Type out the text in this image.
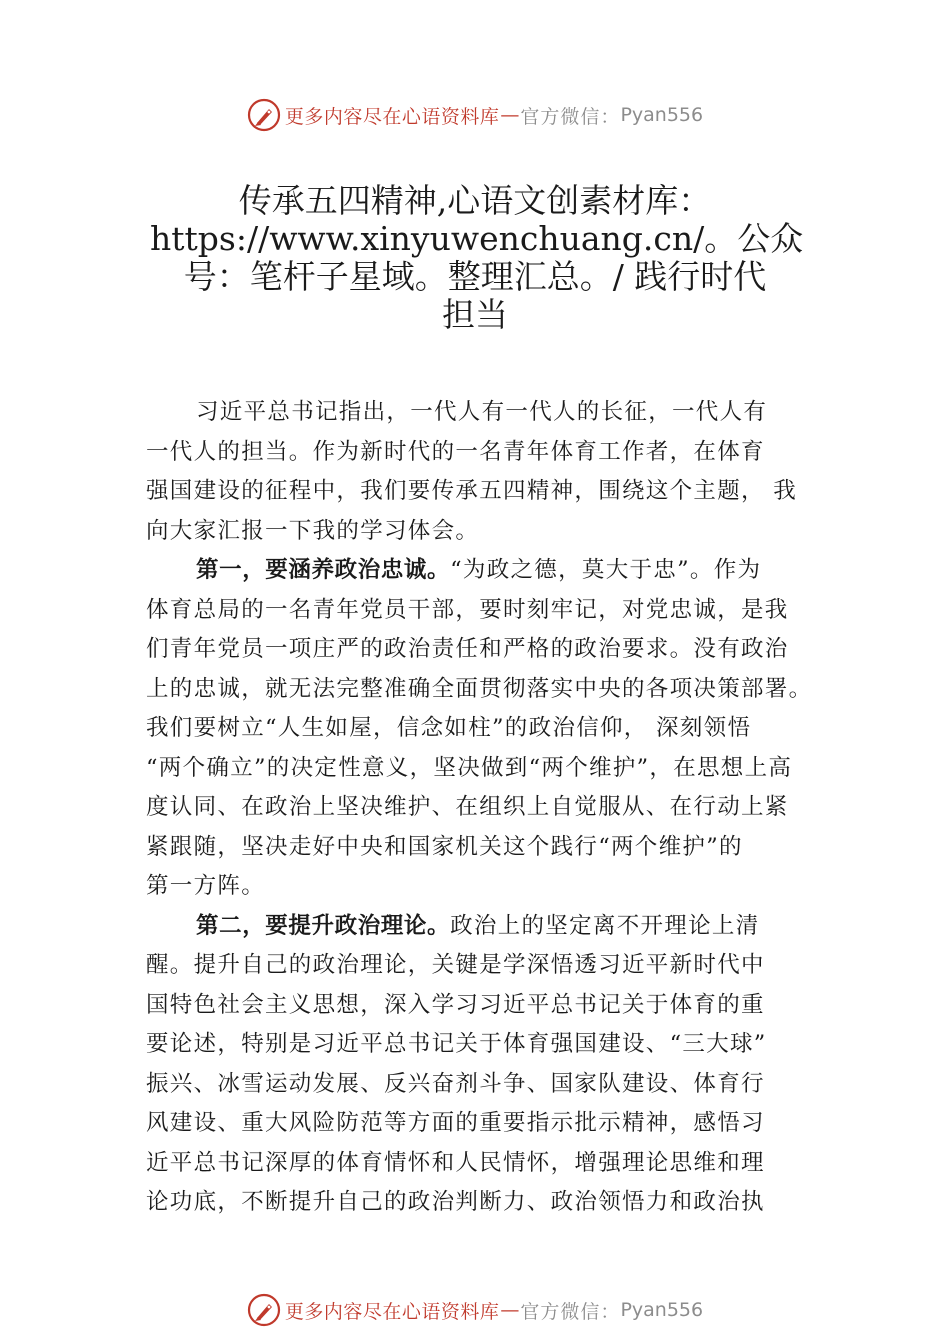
更多内容尽在心语资料库 — 官方微信： Pyan556
传承五四精神,心语文创素材库：
https://www.xinyuwenchuang.cn/。公众
号：笔杆子星域。整理汇总。/ 践行时代
担当
习近平总书记指出，一代人有一代人的长征，一代人有
一代人的担当。作为新时代的一名青年体育工作者，在体育
强国建设的征程中，我们要传承五四精神，围绕这个主题， 我
向大家汇报一下我的学习体会。
第一，要涵养政治忠诚。“为政之德，莫大于忠”。作为
体育总局的一名青年党员干部，要时刻牢记，对党忠诚，是我
们青年党员一项庄严的政治责任和严格的政治要求。没有政治
上的忠诚，就无法完整准确全面贯彻落实中央的各项决策部署。
我们要树立“人生如屋，信念如柱”的政治信仰， 深刻领悟
“两个确立”的决定性意义，坚决做到“两个维护”，在思想上高
度认同、在政治上坚决维护、在组织上自觉服从、在行动上紧
紧跟随，坚决走好中央和国家机关这个践行“两个维护”的
第一方阵。
第二，要提升政治理论。政治上的坚定离不开理论上清
醒。提升自己的政治理论，关键是学深悟透习近平新时代中
国特色社会主义思想，深入学习习近平总书记关于体育的重
要论述，特别是习近平总书记关于体育强国建设、“三大球”
振兴、冰雪运动发展、反兴奋剂斗争、国家队建设、体育行
风建设、重大风险防范等方面的重要指示批示精神，感悟习
近平总书记深厚的体育情怀和人民情怀，增强理论思维和理
论功底，不断提升自己的政治判断力、政治领悟力和政治执
更多内容尽在心语资料库 — 官方微信： Pyan556
